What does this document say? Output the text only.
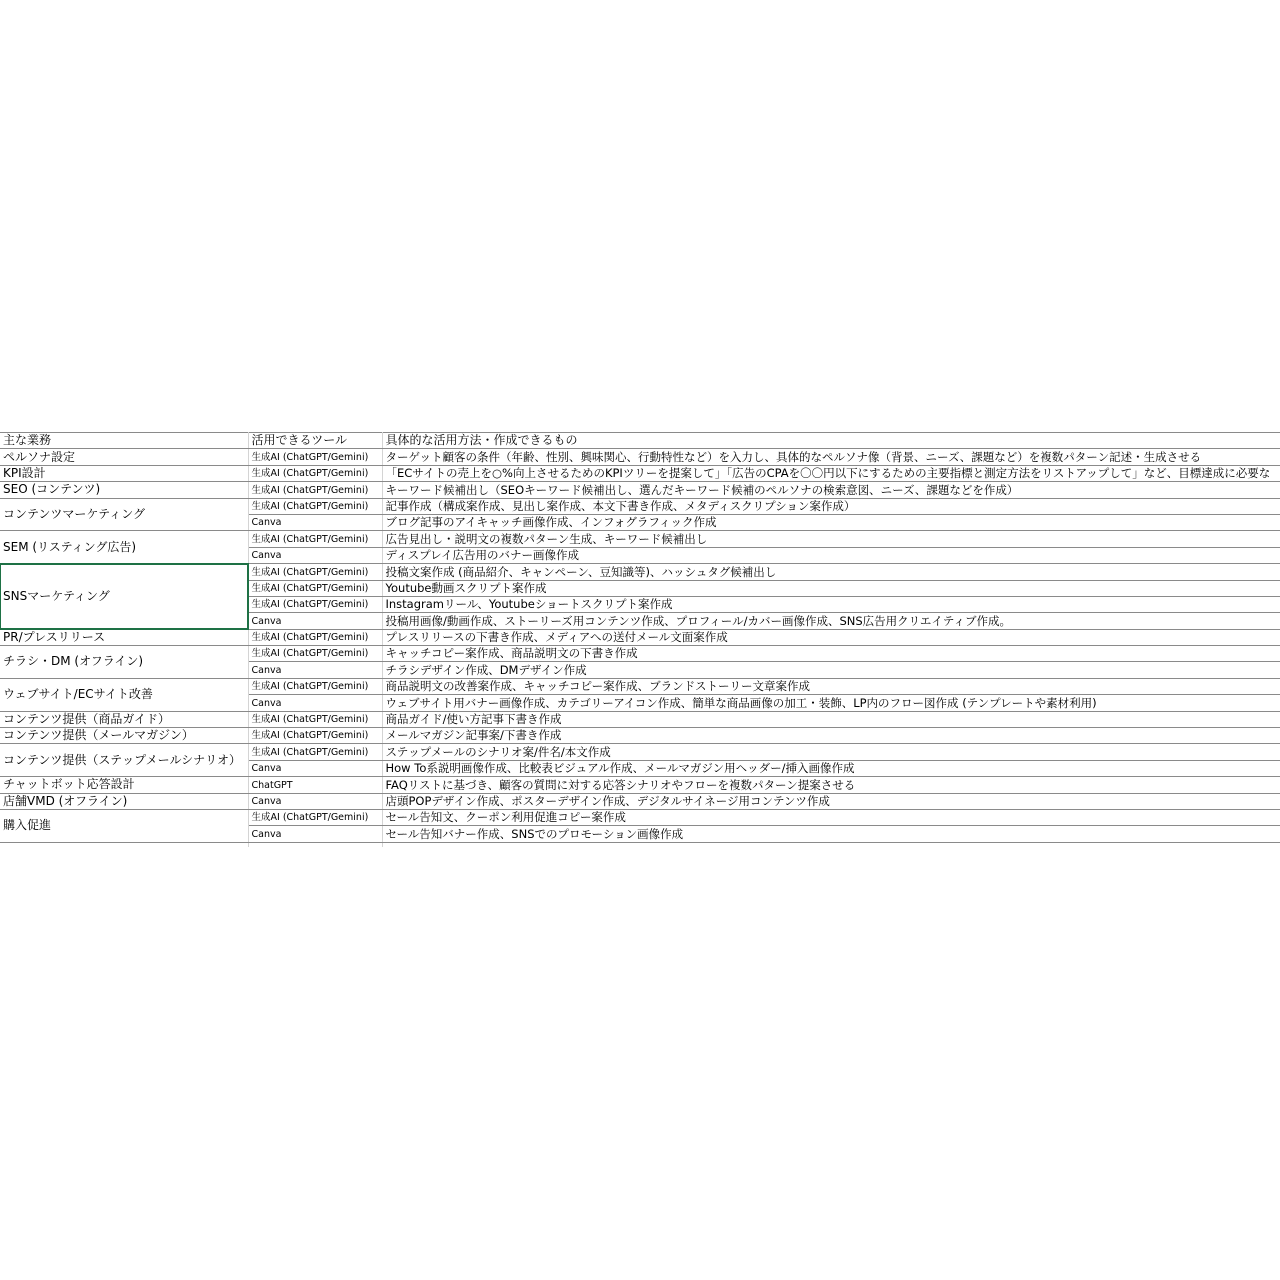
主な業務	活用できるツール	具体的な活用方法・作成できるもの
ペルソナ設定	生成AI (ChatGPT/Gemini)	ターゲット顧客の条件（年齢、性別、興味関心、行動特性など）を入力し、具体的なペルソナ像（背景、ニーズ、課題など）を複数パターン記述・生成させる
KPI設計	生成AI (ChatGPT/Gemini)	「ECサイトの売上を○%向上させるためのKPIツリーを提案して」「広告のCPAを〇〇円以下にするための主要指標と測定方法をリストアップして」など、目標達成に必要な
SEO (コンテンツ)	生成AI (ChatGPT/Gemini)	キーワード候補出し（SEOキーワード候補出し、選んだキーワード候補のペルソナの検索意図、ニーズ、課題などを作成）
コンテンツマーケティング	生成AI (ChatGPT/Gemini)	記事作成（構成案作成、見出し案作成、本文下書き作成、メタディスクリプション案作成）
	Canva	ブログ記事のアイキャッチ画像作成、インフォグラフィック作成
SEM (リスティング広告)	生成AI (ChatGPT/Gemini)	広告見出し・説明文の複数パターン生成、キーワード候補出し
	Canva	ディスプレイ広告用のバナー画像作成
SNSマーケティング	生成AI (ChatGPT/Gemini)	投稿文案作成 (商品紹介、キャンペーン、豆知識等)、ハッシュタグ候補出し
	生成AI (ChatGPT/Gemini)	Youtube動画スクリプト案作成
	生成AI (ChatGPT/Gemini)	Instagramリール、Youtubeショートスクリプト案作成
	Canva	投稿用画像/動画作成、ストーリーズ用コンテンツ作成、プロフィール/カバー画像作成、SNS広告用クリエイティブ作成。
PR/プレスリリース	生成AI (ChatGPT/Gemini)	プレスリリースの下書き作成、メディアへの送付メール文面案作成
チラシ・DM (オフライン)	生成AI (ChatGPT/Gemini)	キャッチコピー案作成、商品説明文の下書き作成
	Canva	チラシデザイン作成、DMデザイン作成
ウェブサイト/ECサイト改善	生成AI (ChatGPT/Gemini)	商品説明文の改善案作成、キャッチコピー案作成、ブランドストーリー文章案作成
	Canva	ウェブサイト用バナー画像作成、カテゴリーアイコン作成、簡単な商品画像の加工・装飾、LP内のフロー図作成 (テンプレートや素材利用)
コンテンツ提供（商品ガイド）	生成AI (ChatGPT/Gemini)	商品ガイド/使い方記事下書き作成
コンテンツ提供（メールマガジン）	生成AI (ChatGPT/Gemini)	メールマガジン記事案/下書き作成
コンテンツ提供（ステップメールシナリオ）	生成AI (ChatGPT/Gemini)	ステップメールのシナリオ案/件名/本文作成
	Canva	How To系説明画像作成、比較表ビジュアル作成、メールマガジン用ヘッダー/挿入画像作成
チャットボット応答設計	ChatGPT	FAQリストに基づき、顧客の質問に対する応答シナリオやフローを複数パターン提案させる
店舗VMD (オフライン)	Canva	店頭POPデザイン作成、ポスターデザイン作成、デジタルサイネージ用コンテンツ作成
購入促進	生成AI (ChatGPT/Gemini)	セール告知文、クーポン利用促進コピー案作成
	Canva	セール告知バナー作成、SNSでのプロモーション画像作成
